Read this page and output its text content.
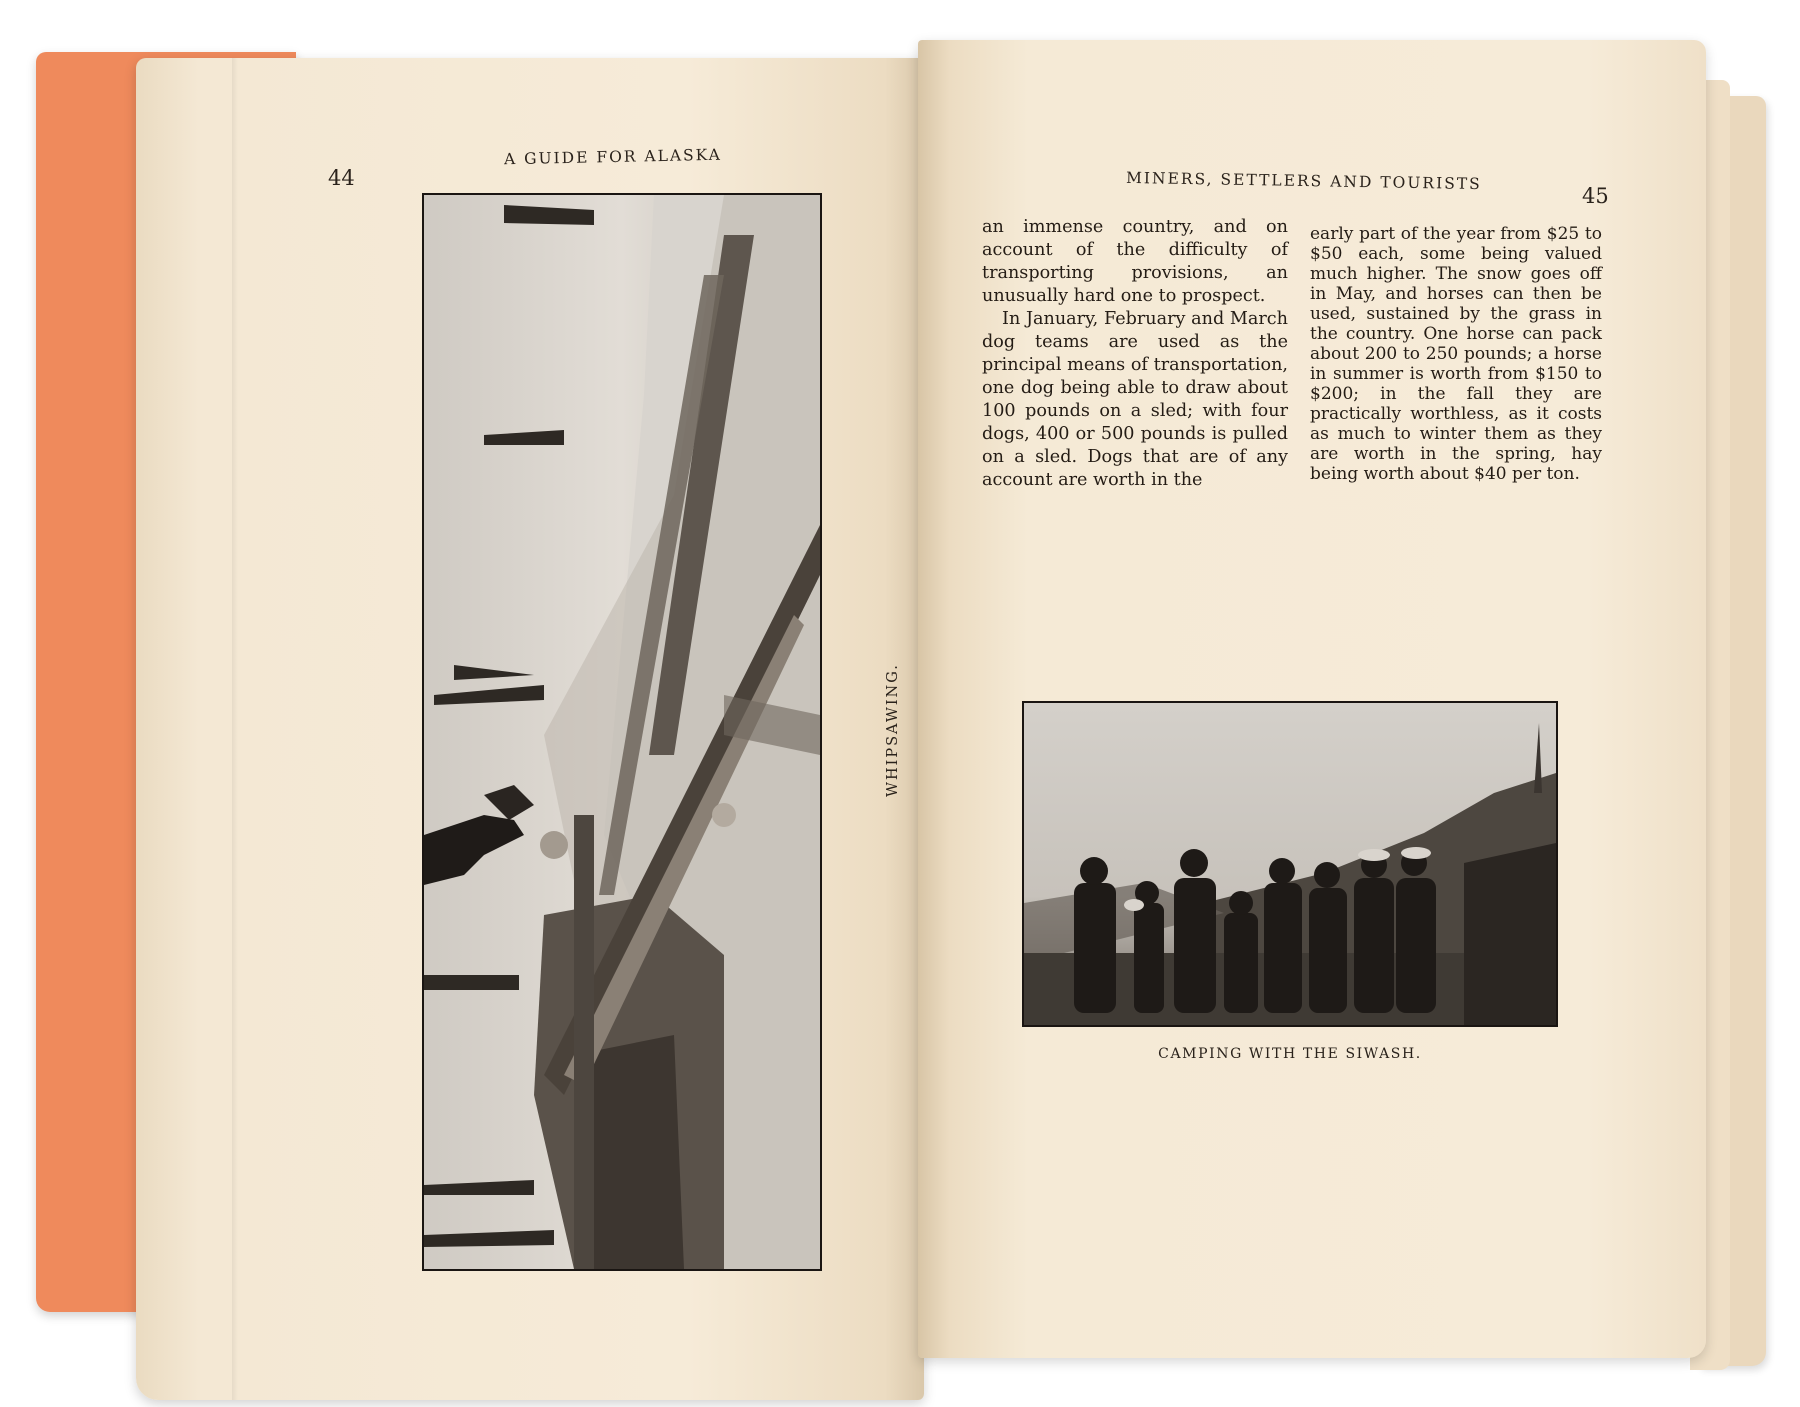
44

A GUIDE FOR ALASKA

WHIPSAWING.

MINERS, SETTLERS AND TOURISTS

45

an immense country, and on account of the difficulty of transporting provisions, an unusually hard one to prospect.

In January, February and March dog teams are used as the principal means of transportation, one dog being able to draw about 100 pounds on a sled; with four dogs, 400 or 500 pounds is pulled on a sled. Dogs that are of any account are worth in the

early part of the year from $25 to $50 each, some being valued much higher. The snow goes off in May, and horses can then be used, sustained by the grass in the country. One horse can pack about 200 to 250 pounds; a horse in summer is worth from $150 to $200; in the fall they are practically worthless, as it costs as much to winter them as they are worth in the spring, hay being worth about $40 per ton.

CAMPING WITH THE SIWASH.
